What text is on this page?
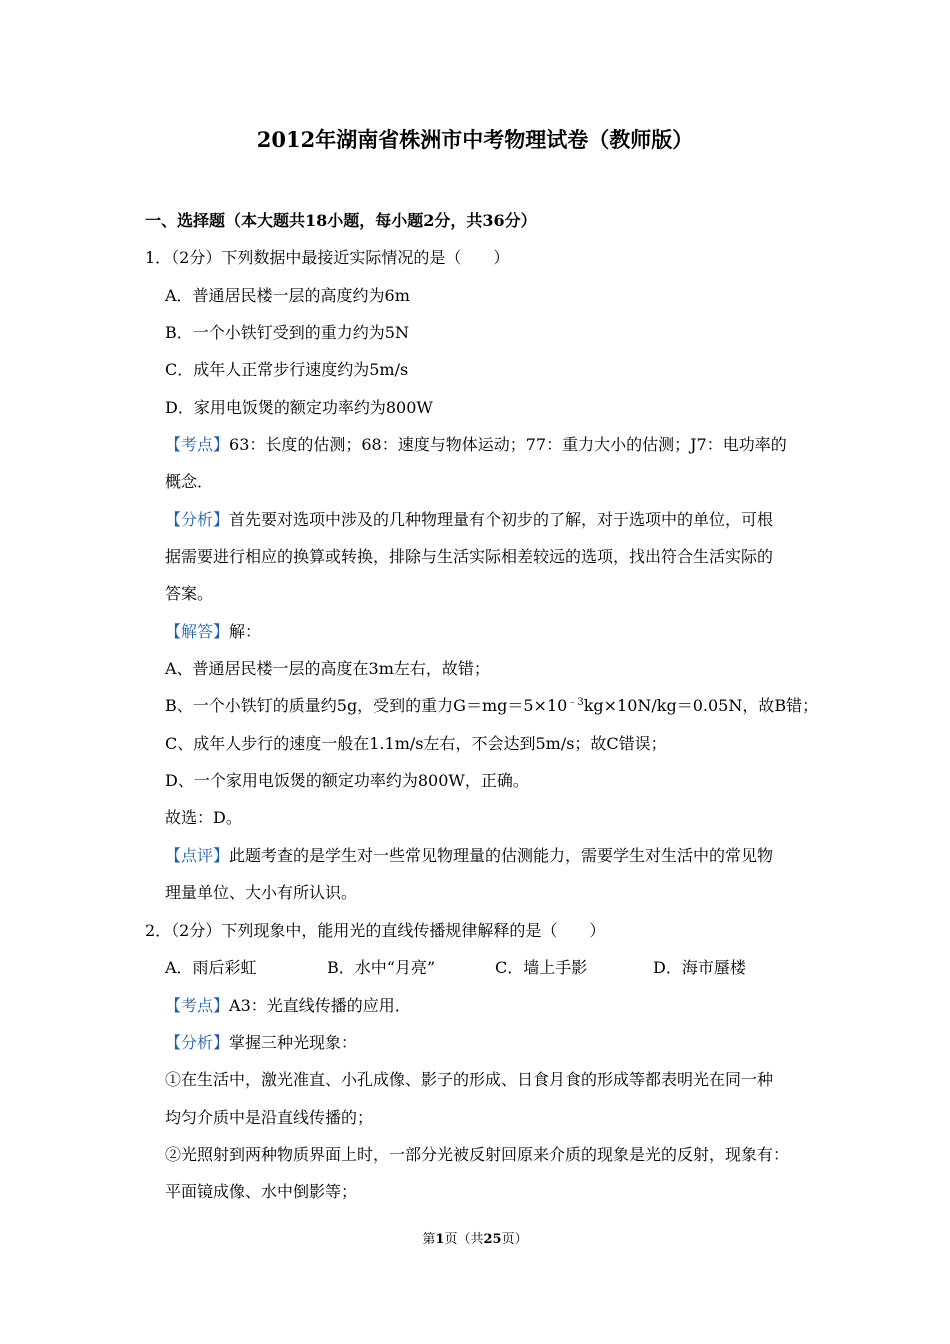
2012年湖南省株洲市中考物理试卷（教师版）
一、选择题（本大题共18小题，每小题2分，共36分）
1．（2分）下列数据中最接近实际情况的是（　　）
A．普通居民楼一层的高度约为6m
B．一个小铁钉受到的重力约为5N
C．成年人正常步行速度约为5m/s
D．家用电饭煲的额定功率约为800W
【考点】63：长度的估测；68：速度与物体运动；77：重力大小的估测；J7：电功率的
概念．
【分析】首先要对选项中涉及的几种物理量有个初步的了解，对于选项中的单位，可根
据需要进行相应的换算或转换，排除与生活实际相差较远的选项，找出符合生活实际的
答案。
【解答】解：
A、普通居民楼一层的高度在3m左右，故错；
B、一个小铁钉的质量约5g，受到的重力$G=mg=5\times 10^{﹣3}kg\times 10N/kg=0.05N$，故B错；
C、成年人步行的速度一般在1.1m/s左右，不会达到5m/s；故C错误；
D、一个家用电饭煲的额定功率约为800W，正确。
故选：D。
【点评】此题考查的是学生对一些常见物理量的估测能力，需要学生对生活中的常见物
理量单位、大小有所认识。
2．（2分）下列现象中，能用光的直线传播规律解释的是（　　）
A．雨后彩虹	B．水中“月亮”	C．墙上手影	D．海市蜃楼
【考点】A3：光直线传播的应用．
【分析】掌握三种光现象：
①在生活中，激光准直、小孔成像、影子的形成、日食月食的形成等都表明光在同一种
均匀介质中是沿直线传播的；
②光照射到两种物质界面上时，一部分光被反射回原来介质的现象是光的反射，现象有：
平面镜成像、水中倒影等；
第1页（共25页）
